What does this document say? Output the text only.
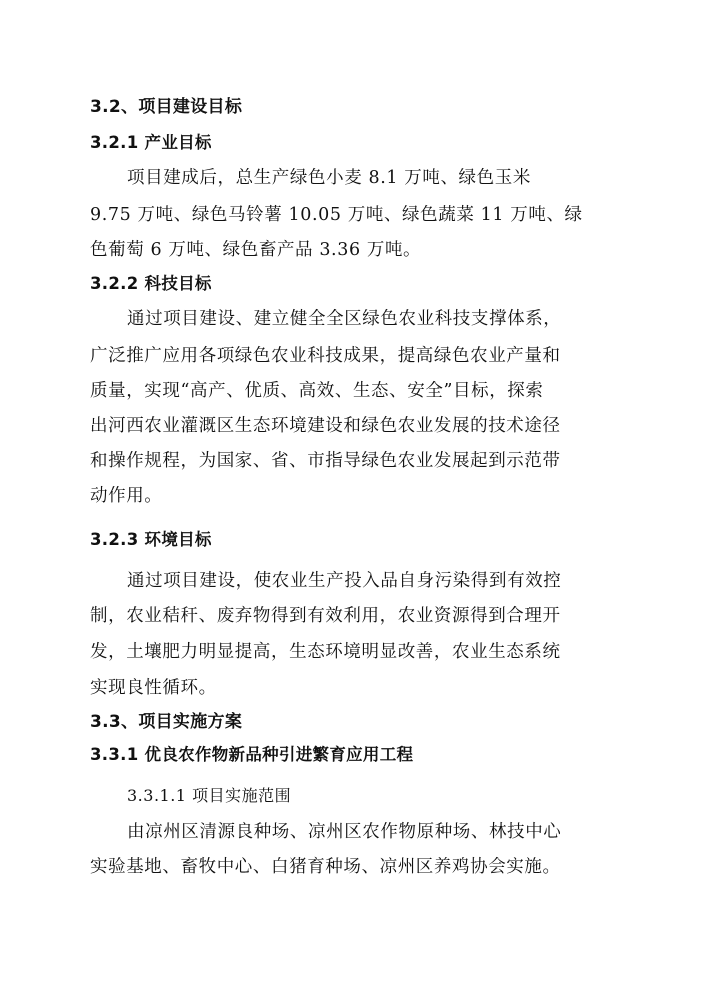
3.2、项目建设目标
3.2.1 产业目标
项目建成后，总生产绿色小麦 8.1 万吨、绿色玉米
9.75 万吨、绿色马铃薯 10.05 万吨、绿色蔬菜 11 万吨、绿
色葡萄 6 万吨、绿色畜产品 3.36 万吨。
3.2.2 科技目标
通过项目建设、建立健全全区绿色农业科技支撑体系，
广泛推广应用各项绿色农业科技成果，提高绿色农业产量和
质量，实现“高产、优质、高效、生态、安全”目标，探索
出河西农业灌溉区生态环境建设和绿色农业发展的技术途径
和操作规程，为国家、省、市指导绿色农业发展起到示范带
动作用。
3.2.3 环境目标
通过项目建设，使农业生产投入品自身污染得到有效控
制，农业秸秆、废弃物得到有效利用，农业资源得到合理开
发，土壤肥力明显提高，生态环境明显改善，农业生态系统
实现良性循环。
3.3、项目实施方案
3.3.1 优良农作物新品种引进繁育应用工程
3.3.1.1 项目实施范围
由凉州区清源良种场、凉州区农作物原种场、林技中心
实验基地、畜牧中心、白猪育种场、凉州区养鸡协会实施。
